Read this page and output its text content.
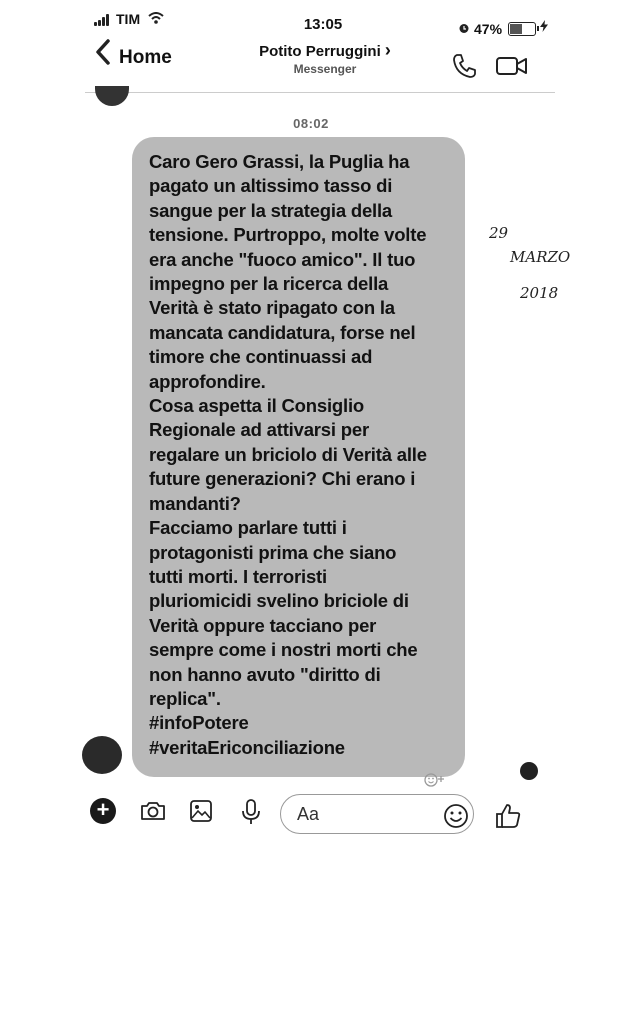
TIM	13:05	47%
Home	Potito Perruggini ›
Messenger
08:02
29
MARZO
2018
Caro Gero Grassi, la Puglia ha
pagato un altissimo tasso di
sangue per la strategia della
tensione. Purtroppo, molte volte
era anche "fuoco amico". Il tuo
impegno per la ricerca della
Verità è stato ripagato con la
mancata candidatura, forse nel
timore che continuassi ad
approfondire.
Cosa aspetta il Consiglio
Regionale ad attivarsi per
regalare un briciolo di Verità alle
future generazioni? Chi erano i
mandanti?
Facciamo parlare tutti i
protagonisti prima che siano
tutti morti. I terroristi
pluriomicidi svelino briciole di
Verità oppure tacciano per
sempre come i nostri morti che
non hanno avuto "diritto di
replica".
#infoPotere
#veritaEriconciliazione
+
Aa
